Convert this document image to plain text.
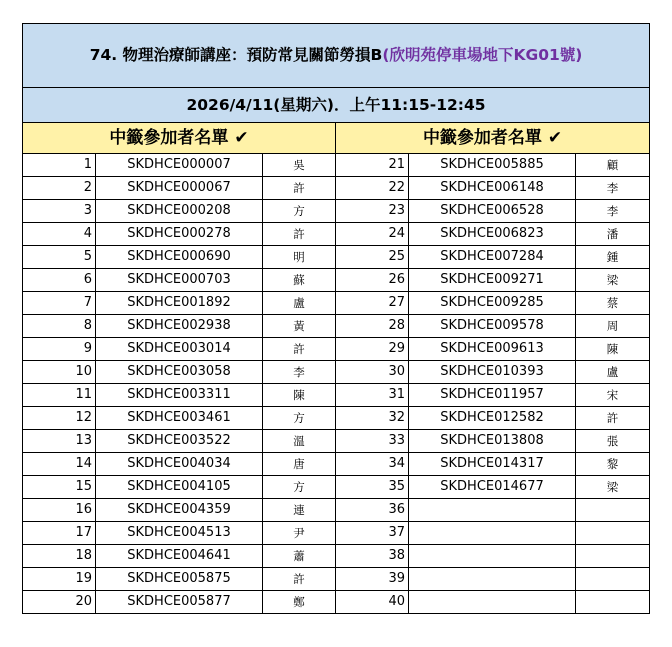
74. 物理治療師講座：預防常見關節勞損B(欣明苑停車場地下KG01號)					
2026/4/11(星期六)．上午11:15-12:45					
中籤參加者名單 ✔			中籤參加者名單 ✔		
1	SKDHCE000007	吳	21	SKDHCE005885	顧
2	SKDHCE000067	許	22	SKDHCE006148	李
3	SKDHCE000208	方	23	SKDHCE006528	李
4	SKDHCE000278	許	24	SKDHCE006823	潘
5	SKDHCE000690	明	25	SKDHCE007284	鍾
6	SKDHCE000703	蘇	26	SKDHCE009271	梁
7	SKDHCE001892	盧	27	SKDHCE009285	蔡
8	SKDHCE002938	黃	28	SKDHCE009578	周
9	SKDHCE003014	許	29	SKDHCE009613	陳
10	SKDHCE003058	李	30	SKDHCE010393	盧
11	SKDHCE003311	陳	31	SKDHCE011957	宋
12	SKDHCE003461	方	32	SKDHCE012582	許
13	SKDHCE003522	溫	33	SKDHCE013808	張
14	SKDHCE004034	唐	34	SKDHCE014317	黎
15	SKDHCE004105	方	35	SKDHCE014677	梁
16	SKDHCE004359	連	36		
17	SKDHCE004513	尹	37		
18	SKDHCE004641	蕭	38		
19	SKDHCE005875	許	39		
20	SKDHCE005877	鄭	40		
